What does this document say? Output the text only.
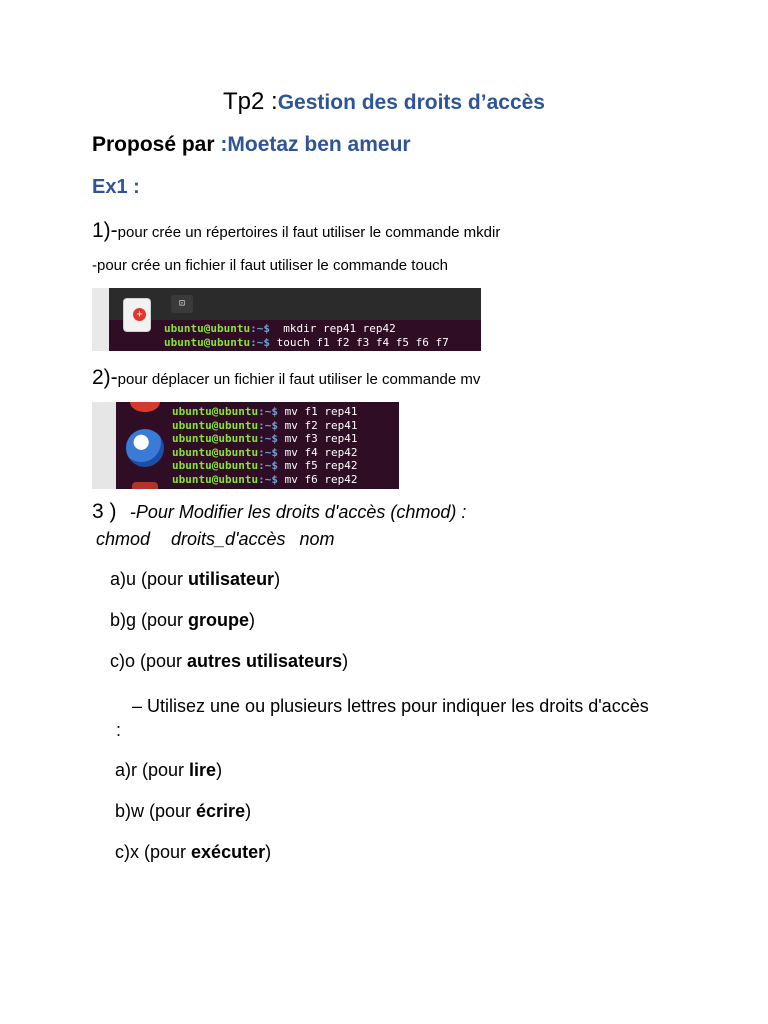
Tp2 :Gestion des droits d’accès
Proposé par :Moetaz ben ameur
Ex1 :
1)-pour crée un répertoires il faut utiliser le commande mkdir
-pour crée un fichier il faut utiliser le commande touch
⊡
+
ubuntu@ubuntu:~$  mkdir rep41 rep42
ubuntu@ubuntu:~$ touch f1 f2 f3 f4 f5 f6 f7
2)-pour déplacer un fichier il faut utiliser le commande mv
ubuntu@ubuntu:~$ mv f1 rep41
ubuntu@ubuntu:~$ mv f2 rep41
ubuntu@ubuntu:~$ mv f3 rep41
ubuntu@ubuntu:~$ mv f4 rep42
ubuntu@ubuntu:~$ mv f5 rep42
ubuntu@ubuntu:~$ mv f6 rep42
3 ) -Pour Modifier les droits d'accès (chmod) :
chmod   droits_d'accès  nom
a)u (pour utilisateur)
b)g (pour groupe)
c)o (pour autres utilisateurs)
– Utilisez une ou plusieurs lettres pour indiquer les droits d'accès
:
a)r (pour lire)
b)w (pour écrire)
c)x (pour exécuter)
